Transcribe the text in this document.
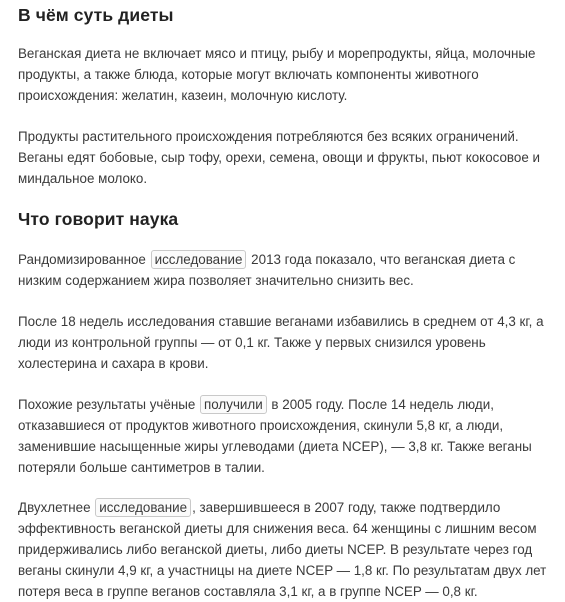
В чём суть диеты

Веганская диета не включает мясо и птицу, рыбу и морепродукты, яйца, молочные продукты, а также блюда, которые могут включать компоненты животного происхождения: желатин, казеин, молочную кислоту.

Продукты растительного происхождения потребляются без всяких ограничений. Веганы едят бобовые, сыр тофу, орехи, семена, овощи и фрукты, пьют кокосовое и миндальное молоко.

Что говорит наука

Рандомизированное исследование 2013 года показало, что веганская диета с низким содержанием жира позволяет значительно снизить вес.

После 18 недель исследования ставшие веганами избавились в среднем от 4,3 кг, а люди из контрольной группы — от 0,1 кг. Также у первых снизился уровень холестерина и сахара в крови.

Похожие результаты учёные получили в 2005 году. После 14 недель люди, отказавшиеся от продуктов животного происхождения, скинули 5,8 кг, а люди, заменившие насыщенные жиры углеводами (диета NCEP), — 3,8 кг. Также веганы потеряли больше сантиметров в талии.

Двухлетнее исследование , завершившееся в 2007 году, также подтвердило эффективность веганской диеты для снижения веса. 64 женщины с лишним весом придерживались либо веганской диеты, либо диеты NCEP. В результате через год веганы скинули 4,9 кг, а участницы на диете NCEP — 1,8 кг. По результатам двух лет потеря веса в группе веганов составляла 3,1 кг, а в группе NCEP — 0,8 кг.
